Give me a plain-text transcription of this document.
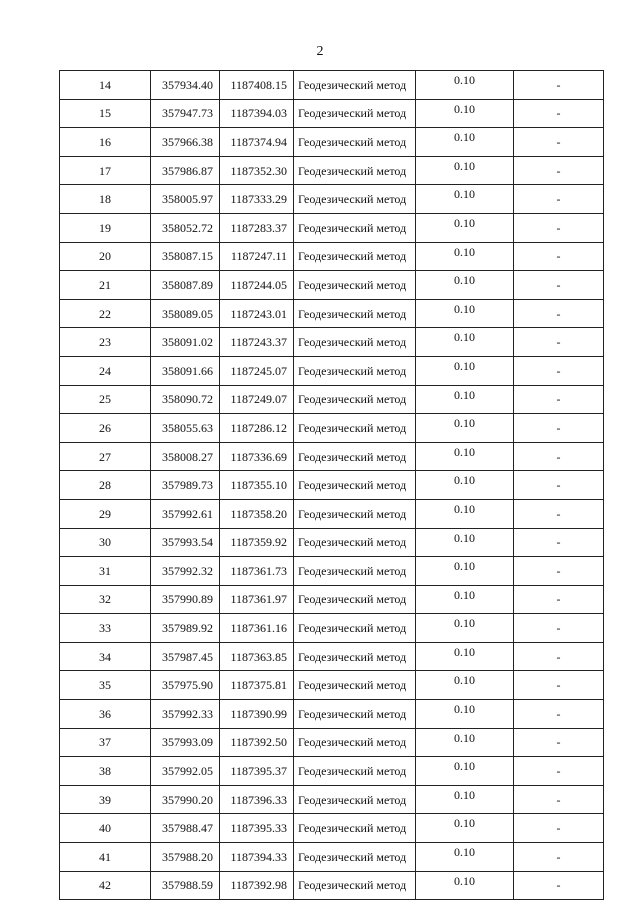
2
14	357934.40	1187408.15	Геодезический метод	0.10	-
15	357947.73	1187394.03	Геодезический метод	0.10	-
16	357966.38	1187374.94	Геодезический метод	0.10	-
17	357986.87	1187352.30	Геодезический метод	0.10	-
18	358005.97	1187333.29	Геодезический метод	0.10	-
19	358052.72	1187283.37	Геодезический метод	0.10	-
20	358087.15	1187247.11	Геодезический метод	0.10	-
21	358087.89	1187244.05	Геодезический метод	0.10	-
22	358089.05	1187243.01	Геодезический метод	0.10	-
23	358091.02	1187243.37	Геодезический метод	0.10	-
24	358091.66	1187245.07	Геодезический метод	0.10	-
25	358090.72	1187249.07	Геодезический метод	0.10	-
26	358055.63	1187286.12	Геодезический метод	0.10	-
27	358008.27	1187336.69	Геодезический метод	0.10	-
28	357989.73	1187355.10	Геодезический метод	0.10	-
29	357992.61	1187358.20	Геодезический метод	0.10	-
30	357993.54	1187359.92	Геодезический метод	0.10	-
31	357992.32	1187361.73	Геодезический метод	0.10	-
32	357990.89	1187361.97	Геодезический метод	0.10	-
33	357989.92	1187361.16	Геодезический метод	0.10	-
34	357987.45	1187363.85	Геодезический метод	0.10	-
35	357975.90	1187375.81	Геодезический метод	0.10	-
36	357992.33	1187390.99	Геодезический метод	0.10	-
37	357993.09	1187392.50	Геодезический метод	0.10	-
38	357992.05	1187395.37	Геодезический метод	0.10	-
39	357990.20	1187396.33	Геодезический метод	0.10	-
40	357988.47	1187395.33	Геодезический метод	0.10	-
41	357988.20	1187394.33	Геодезический метод	0.10	-
42	357988.59	1187392.98	Геодезический метод	0.10	-
